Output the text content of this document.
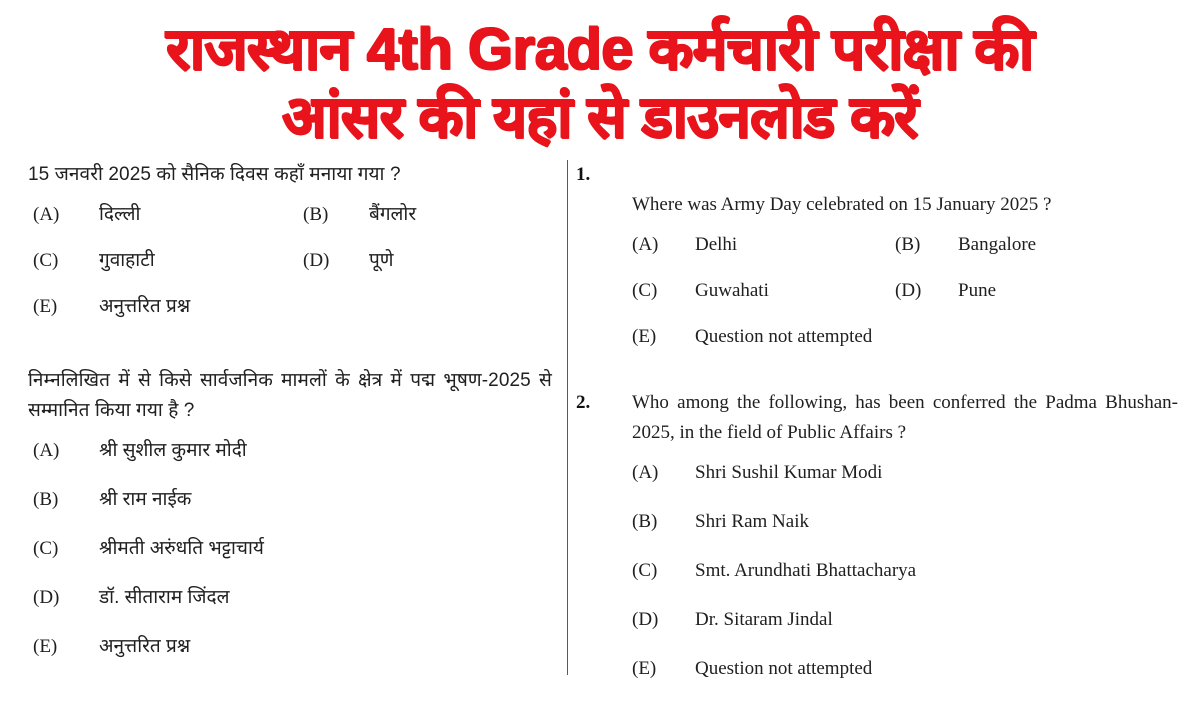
15 जनवरी 2025 को सैनिक दिवस कहाँ मनाया गया ?
(A) दिल्ली	(B) बैंगलोर
(C) गुवाहाटी	(D) पूणे
(E) अनुत्तरित प्रश्न
निम्नलिखित में से किसे सार्वजनिक मामलों के क्षेत्र में पद्म भूषण-2025 से सम्मानित किया गया है ?
(A) श्री सुशील कुमार मोदी
(B) श्री राम नाईक
(C) श्रीमती अरुंधति भट्टाचार्य
(D) डॉ. सीताराम जिंदल
(E) अनुत्तरित प्रश्न
1.
Where was Army Day celebrated on 15 January 2025 ?
(A) Delhi	(B) Bangalore
(C) Guwahati	(D) Pune
(E) Question not attempted
2.	Who among the following, has been conferred the Padma Bhushan-2025, in the field of Public Affairs ?
(A) Shri Sushil Kumar Modi
(B) Shri Ram Naik
(C) Smt. Arundhati Bhattacharya
(D) Dr. Sitaram Jindal
(E) Question not attempted
राजस्थान 4th Grade कर्मचारी परीक्षा की
आंसर की यहां से डाउनलोड करें
